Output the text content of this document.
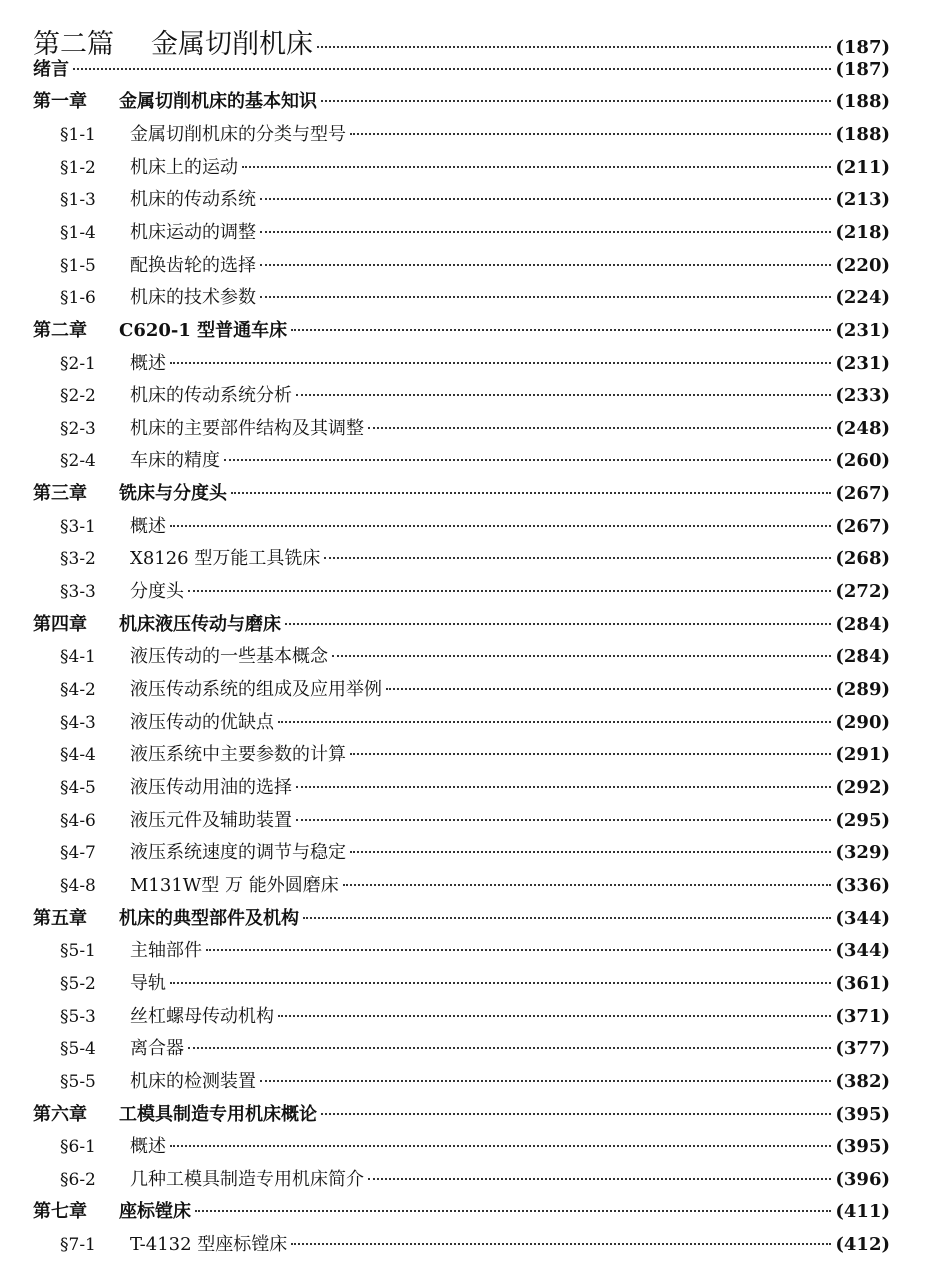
第二篇	金属切削机床	(187)
绪言	(187)
第一章	金属切削机床的基本知识	(188)
§1-1	金属切削机床的分类与型号	(188)
§1-2	机床上的运动	(211)
§1-3	机床的传动系统	(213)
§1-4	机床运动的调整	(218)
§1-5	配换齿轮的选择	(220)
§1-6	机床的技术参数	(224)
第二章	C620-1 型普通车床	(231)
§2-1	概述	(231)
§2-2	机床的传动系统分析	(233)
§2-3	机床的主要部件结构及其调整	(248)
§2-4	车床的精度	(260)
第三章	铣床与分度头	(267)
§3-1	概述	(267)
§3-2	X8126 型万能工具铣床	(268)
§3-3	分度头	(272)
第四章	机床液压传动与磨床	(284)
§4-1	液压传动的一些基本概念	(284)
§4-2	液压传动系统的组成及应用举例	(289)
§4-3	液压传动的优缺点	(290)
§4-4	液压系统中主要参数的计算	(291)
§4-5	液压传动用油的选择	(292)
§4-6	液压元件及辅助装置	(295)
§4-7	液压系统速度的调节与稳定	(329)
§4-8	M131W型 万 能外圆磨床	(336)
第五章	机床的典型部件及机构	(344)
§5-1	主轴部件	(344)
§5-2	导轨	(361)
§5-3	丝杠螺母传动机构	(371)
§5-4	离合器	(377)
§5-5	机床的检测装置	(382)
第六章	工模具制造专用机床概论	(395)
§6-1	概述	(395)
§6-2	几种工模具制造专用机床简介	(396)
第七章	座标镗床	(411)
§7-1	T-4132 型座标镗床	(412)
